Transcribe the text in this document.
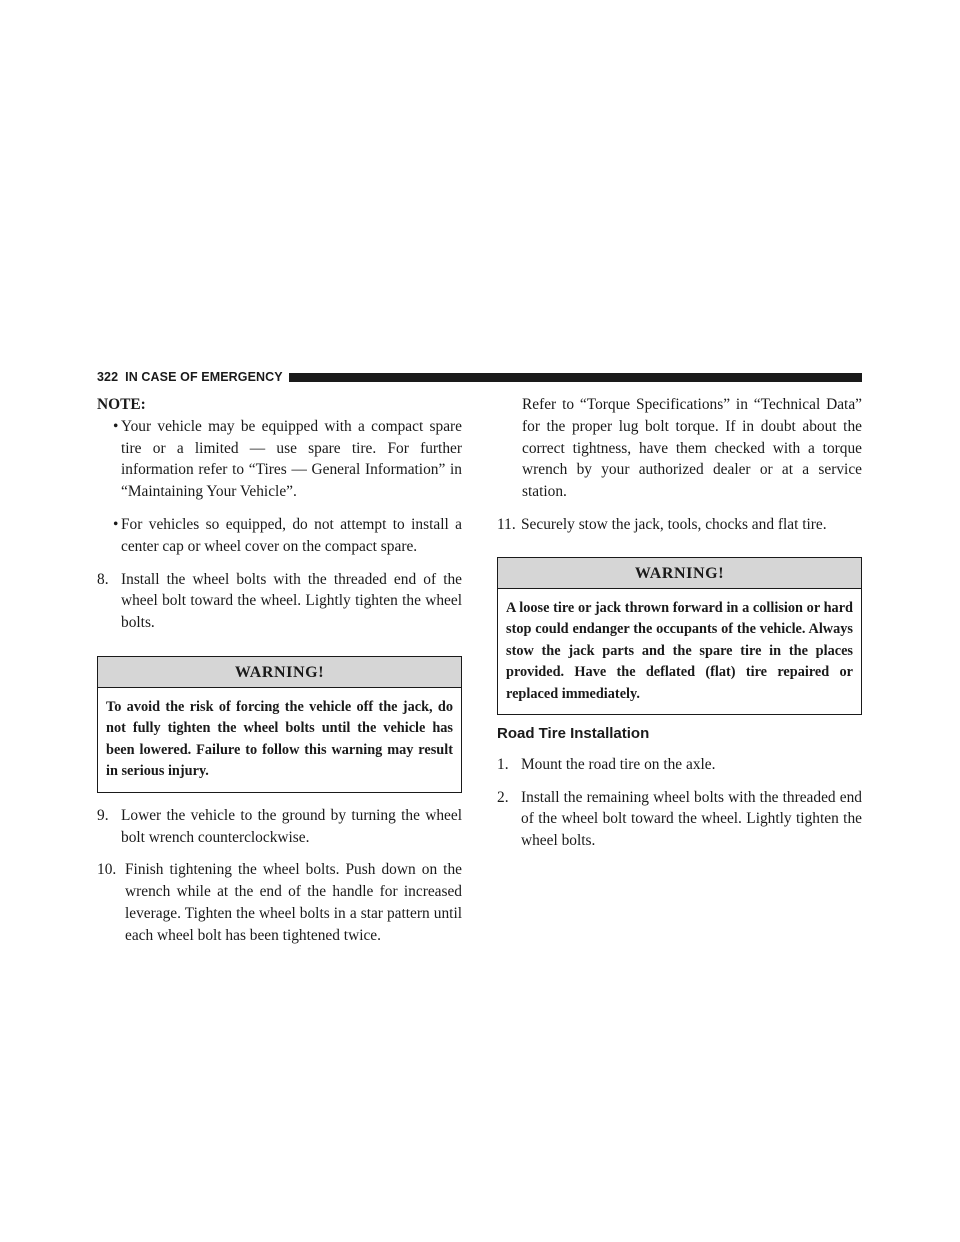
322 IN CASE OF EMERGENCY

NOTE:

• Your vehicle may be equipped with a compact spare tire or a limited — use spare tire. For further information refer to “Tires — General Information” in “Maintaining Your Vehicle”.
• For vehicles so equipped, do not attempt to install a center cap or wheel cover on the compact spare.

8. Install the wheel bolts with the threaded end of the wheel bolt toward the wheel. Lightly tighten the wheel bolts.

WARNING!
To avoid the risk of forcing the vehicle off the jack, do not fully tighten the wheel bolts until the vehicle has been lowered. Failure to follow this warning may result in serious injury.

9. Lower the vehicle to the ground by turning the wheel bolt wrench counterclockwise.

10. Finish tightening the wheel bolts. Push down on the wrench while at the end of the handle for increased leverage. Tighten the wheel bolts in a star pattern until each wheel bolt has been tightened twice.

Refer to “Torque Specifications” in “Technical Data” for the proper lug bolt torque. If in doubt about the correct tightness, have them checked with a torque wrench by your authorized dealer or at a service station.

11. Securely stow the jack, tools, chocks and flat tire.

WARNING!
A loose tire or jack thrown forward in a collision or hard stop could endanger the occupants of the vehicle. Always stow the jack parts and the spare tire in the places provided. Have the deflated (flat) tire repaired or replaced immediately.

Road Tire Installation

1. Mount the road tire on the axle.

2. Install the remaining wheel bolts with the threaded end of the wheel bolt toward the wheel. Lightly tighten the wheel bolts.
